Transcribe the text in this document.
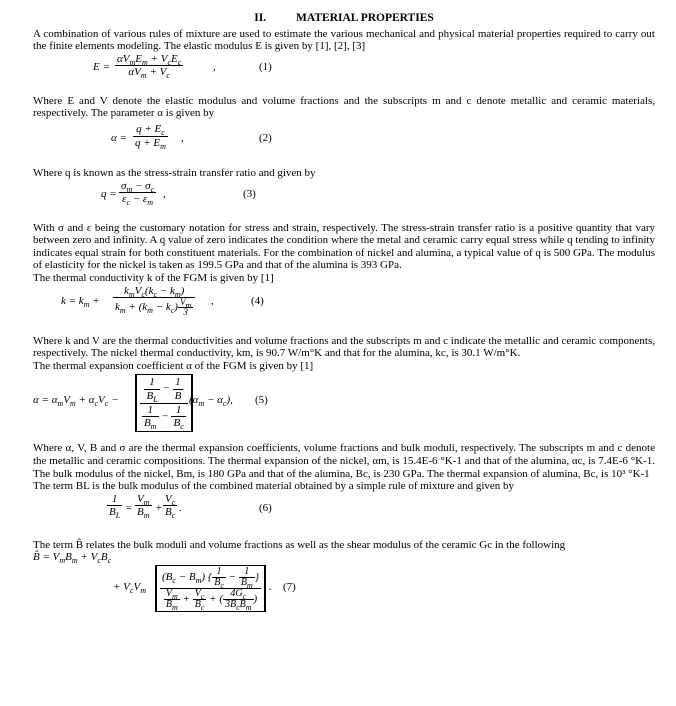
II.	MATERIAL PROPERTIES

A combination of various rules of mixture are used to estimate the various mechanical and physical material properties required to carry out the finite elements modeling. The elastic modulus E is given by [1], [2], [3]

E =
$\alpha V_mE_m + V_cE_c$
$\alpha V_m + V_c$
,	(1)

Where E and V denote the elastic modulus and volume fractions and the subscripts m and c denote metallic and ceramic materials, respectively. The parameter α is given by

$\alpha = \frac{q + E_c}{q + E_m}$ ,	(2)

Where q is known as the stress-strain transfer ratio and given by

$q = \frac{\sigma_m - \sigma_c}{\varepsilon_c - \varepsilon_m}$ ,	(3)

With σ and ε being the customary notation for stress and strain, respectively. The stress-strain transfer ratio is a positive quantity that vary between zero and infinity. A q value of zero indicates the condition where the metal and ceramic carry equal stress while q tending to infinity indicates equal strain for both constituent materials. For the combination of nickel and alumina, a typical value of q is 500 GPa. The modulus of elasticity for the nickel is taken as 199.5 GPa and that of the alumina is 393 GPa.

The thermal conductivity k of the FGM is given by [1]

$k = k_m$ +
$k_mV_c(k_c - k_m)$
$k_m + (k_m - k_c) \frac{V_m}{3}$ ,	(4)

Where k and V are the thermal conductivities and volume fractions and the subscripts m and c indicate the metallic and ceramic components, respectively. The nickel thermal conductivity, km, is 90.7 W/m°K and that for the alumina, kc, is 30.1 W/m°K.

The thermal expansion coefficient α of the FGM is given by [1]

$\alpha = \alpha_mV_m + \alpha_cV_c - \frac{\frac{1}{B_L} - \frac{1}{B}}{\frac{1}{B_m} - \frac{1}{B_c}} (\alpha_m - \alpha_c)$, (5)

Where α, V, B and σ are the thermal expansion coefficients, volume fractions and bulk moduli, respectively. The subscripts m and c denote the metallic and ceramic compositions. The thermal expansion of the nickel, αm, is 15.4E-6 °K-1 and that of the alumina, αc, is 7.4E-6 °K-1. The bulk modulus of the nickel, Bm, is 180 GPa and that of the alumina, Bc, is 230 GPa. The thermal expansion of alumina, Bc, is 10³ °K-1

The term BL is the bulk modulus of the combined material obtained by a simple rule of mixture and given by

$\frac{1}{B_L} = \frac{V_m}{B_m} + \frac{V_c}{B_c}$ .	(6)

The term B̂ relates the bulk moduli and volume fractions as well as the shear modulus of the ceramic Gc in the following

B̂ = $V_mB_m + V_cB_c$
+ $V_cV_m \frac{(B_c - B_m) \{ \frac{1}{B_c} - \frac{1}{B_m} \}}{\frac{V_m}{B_m} + \frac{V_c}{B_c} + ( \frac{4G_c}{3B_cB_m} )}$ . (7)
